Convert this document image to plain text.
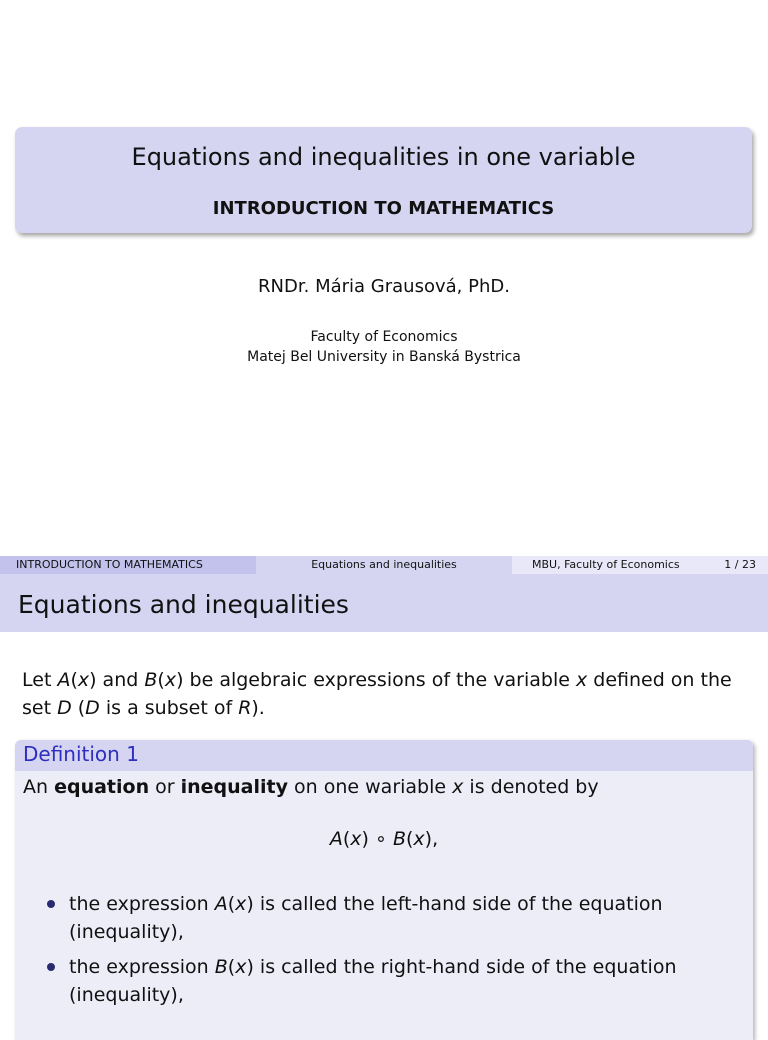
Equations and inequalities in one variable
INTRODUCTION TO MATHEMATICS
RNDr. Mária Grausová, PhD.
Faculty of Economics
Matej Bel University in Banská Bystrica
INTRODUCTION TO MATHEMATICS	Equations and inequalities	MBU, Faculty of Economics	1 / 23
Equations and inequalities
Let A(x) and B(x) be algebraic expressions of the variable x defined on the set D (D is a subset of R).
Definition 1
An equation or inequality on one wariable x is denoted by
A(x) ∘ B(x),
the expression A(x) is called the left-hand side of the equation (inequality),
the expression B(x) is called the right-hand side of the equation (inequality),
